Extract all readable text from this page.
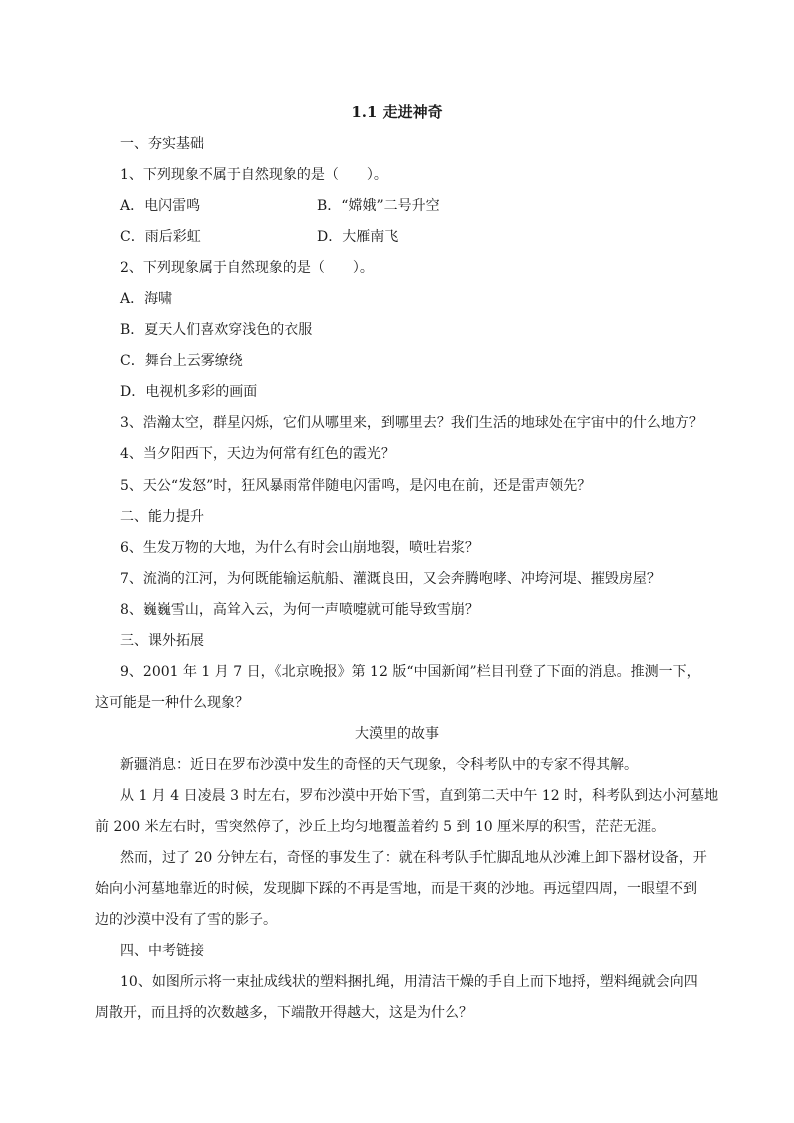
1.1 走进神奇
一、夯实基础
1、下列现象不属于自然现象的是（　　）。
A．电闪雷鸣	B．“嫦娥”二号升空
C．雨后彩虹	D．大雁南飞
2、下列现象属于自然现象的是（　　）。
A．海啸
B．夏天人们喜欢穿浅色的衣服
C．舞台上云雾缭绕
D．电视机多彩的画面
3、浩瀚太空，群星闪烁，它们从哪里来，到哪里去？我们生活的地球处在宇宙中的什么地方？
4、当夕阳西下，天边为何常有红色的霞光？
5、天公“发怒”时，狂风暴雨常伴随电闪雷鸣，是闪电在前，还是雷声领先？
二、能力提升
6、生发万物的大地，为什么有时会山崩地裂，喷吐岩浆？
7、流淌的江河，为何既能输运航船、灌溉良田，又会奔腾咆哮、冲垮河堤、摧毁房屋？
8、巍巍雪山，高耸入云，为何一声喷嚏就可能导致雪崩？
三、课外拓展
9、2001 年 1 月 7 日，《北京晚报》第 12 版“中国新闻”栏目刊登了下面的消息。推测一下，
这可能是一种什么现象？
大漠里的故事
新疆消息：近日在罗布沙漠中发生的奇怪的天气现象，令科考队中的专家不得其解。
从 1 月 4 日凌晨 3 时左右，罗布沙漠中开始下雪，直到第二天中午 12 时，科考队到达小河墓地
前 200 米左右时，雪突然停了，沙丘上均匀地覆盖着约 5 到 10 厘米厚的积雪，茫茫无涯。
然而，过了 20 分钟左右，奇怪的事发生了：就在科考队手忙脚乱地从沙滩上卸下器材设备，开
始向小河墓地靠近的时候，发现脚下踩的不再是雪地，而是干爽的沙地。再远望四周，一眼望不到
边的沙漠中没有了雪的影子。
四、中考链接
10、如图所示将一束扯成线状的塑料捆扎绳，用清洁干燥的手自上而下地捋，塑料绳就会向四
周散开，而且捋的次数越多，下端散开得越大，这是为什么？
